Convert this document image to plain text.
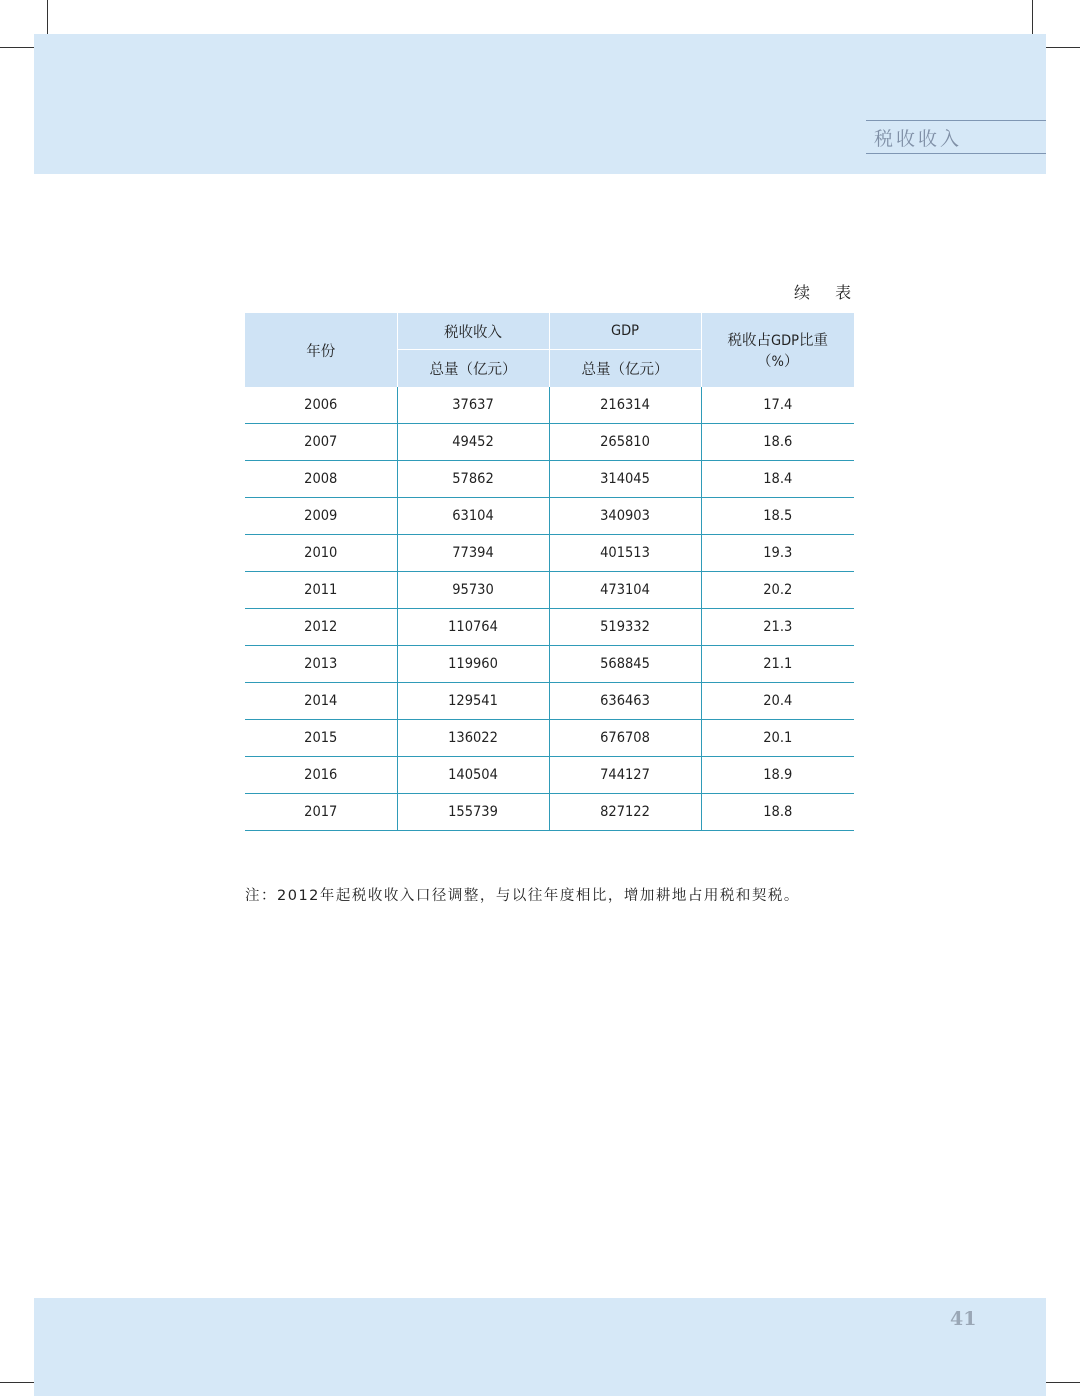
税收收入
续 表
年份	税收收入	GDP	税收占GDP比重
（%）

	总量（亿元）	总量（亿元）	
2006	37637	216314	17.4
2007	49452	265810	18.6
2008	57862	314045	18.4
2009	63104	340903	18.5
2010	77394	401513	19.3
2011	95730	473104	20.2
2012	110764	519332	21.3
2013	119960	568845	21.1
2014	129541	636463	20.4
2015	136022	676708	20.1
2016	140504	744127	18.9
2017	155739	827122	18.8
注：2012年起税收收入口径调整，与以往年度相比，增加耕地占用税和契税。
41
